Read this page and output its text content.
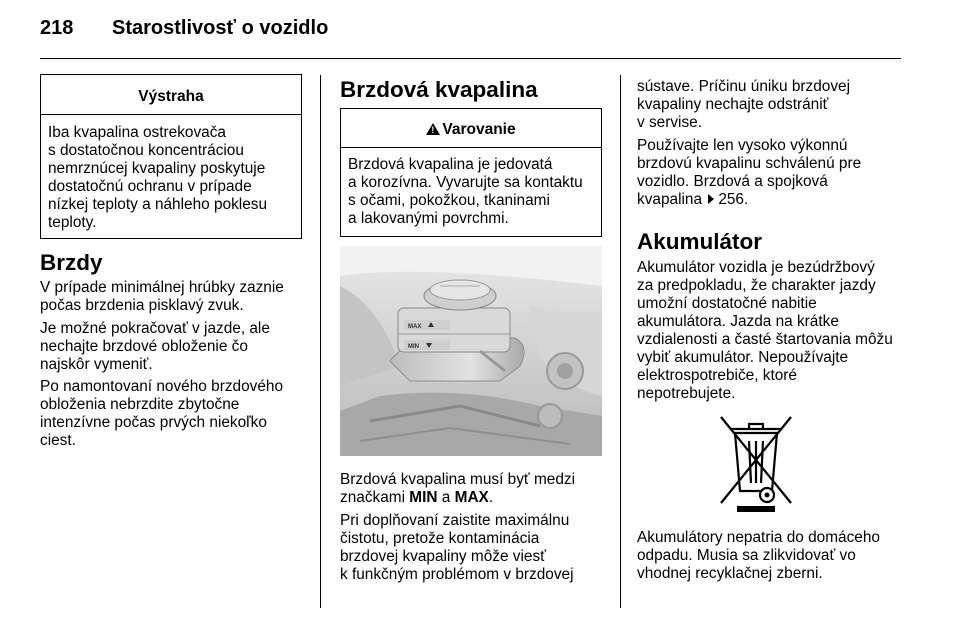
218 Starostlivosť o vozidlo
Výstraha
Iba kvapalina ostrekovača
s dostatočnou koncentráciou
nemrznúcej kvapaliny poskytuje
dostatočnú ochranu v prípade
nízkej teploty a náhleho poklesu
teploty.
Brzdy
V prípade minimálnej hrúbky zaznie
počas brzdenia pisklavý zvuk.
Je možné pokračovať v jazde, ale
nechajte brzdové obloženie čo
najskôr vymeniť.
Po namontovaní nového brzdového
obloženia nebrzdite zbytočne
intenzívne počas prvých niekoľko
ciest.
Brzdová kvapalina
!Varovanie
Brzdová kvapalina je jedovatá
a korozívna. Vyvarujte sa kontaktu
s očami, pokožkou, tkaninami
a lakovanými povrchmi.
MAX
MIN
Brzdová kvapalina musí byť medzi
značkami MIN a MAX.
Pri doplňovaní zaistite maximálnu
čistotu, pretože kontaminácia
brzdovej kvapaliny môže viesť
k funkčným problémom v brzdovej
sústave. Príčinu úniku brzdovej
kvapaliny nechajte odstrániť
v servise.
Používajte len vysoko výkonnú
brzdovú kvapalinu schválenú pre
vozidlo. Brzdová a spojková
kvapalina 256.
Akumulátor
Akumulátor vozidla je bezúdržbový
za predpokladu, že charakter jazdy
umožní dostatočné nabitie
akumulátora. Jazda na krátke
vzdialenosti a časté štartovania môžu
vybiť akumulátor. Nepoužívajte
elektrospotrebiče, ktoré
nepotrebujete.
Akumulátory nepatria do domáceho
odpadu. Musia sa zlikvidovať vo
vhodnej recyklačnej zberni.
